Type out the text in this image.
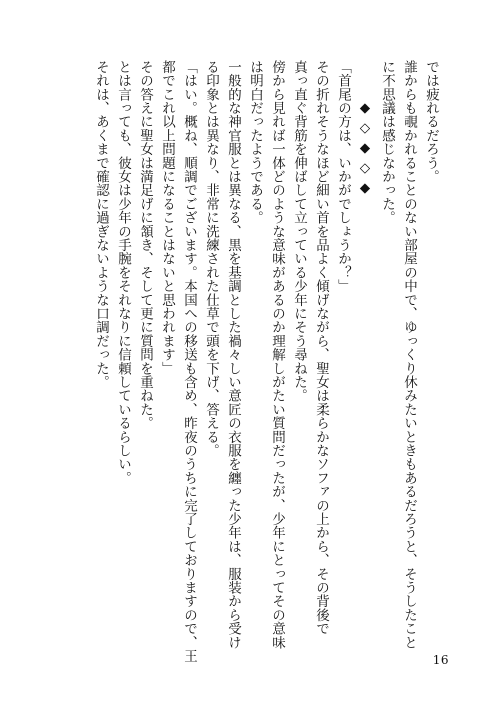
では疲れるだろう。
誰からも覗かれることのない部屋の中で、ゆっくり休みたいときもあるだろうと、そうしたこと
に不思議は感じなかった。
◆◇◆◇◆
「首尾の方は、いかがでしょうか？」
その折れそうなほど細い首を品よく傾げながら、聖女は柔らかなソファの上から、その背後で
真っ直ぐ背筋を伸ばして立っている少年にそう尋ねた。
傍から見れば一体どのような意味があるのか理解しがたい質問だったが、少年にとってその意味
は明白だったようである。
一般的な神官服とは異なる、黒を基調とした禍々しい意匠の衣服を纏った少年は、服装から受け
る印象とは異なり、非常に洗練された仕草で頭を下げ、答える。
「はい。概ね、順調でございます。本国への移送も含め、昨夜のうちに完了しておりますので、王
都でこれ以上問題になることはないと思われます」
その答えに聖女は満足げに頷き、そして更に質問を重ねた。
とは言っても、彼女は少年の手腕をそれなりに信頼しているらしい。
それは、あくまで確認に過ぎないような口調だった。
16
